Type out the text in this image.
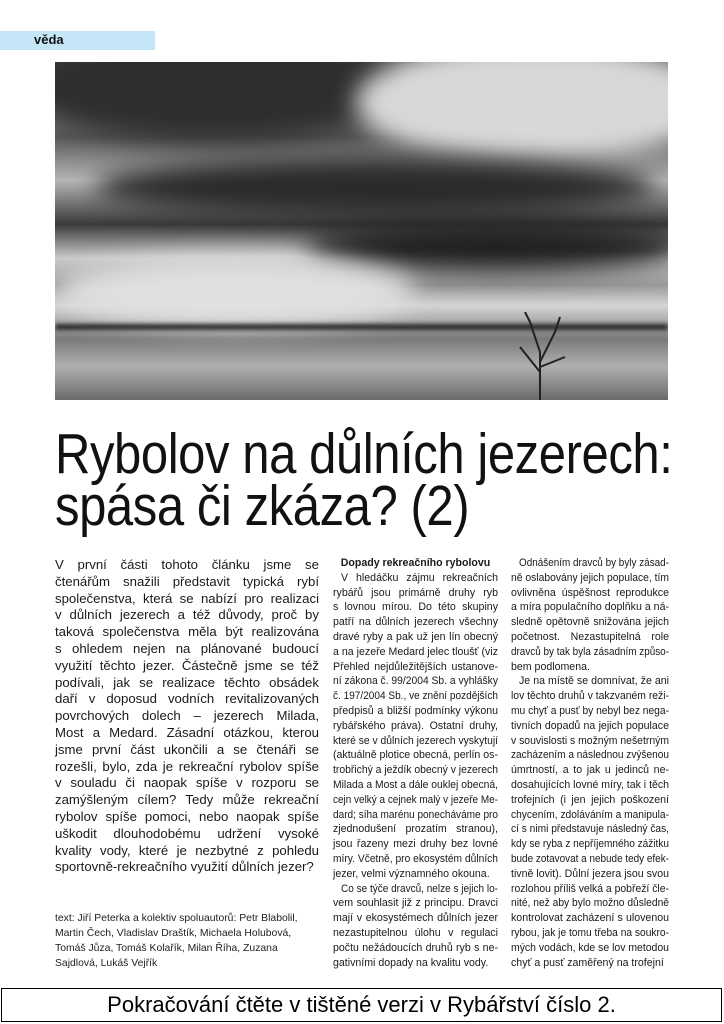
věda
Rybolov na důlních jezerech:
spása či zkáza? (2)
V první části tohoto článku jsme se
čtenářům snažili představit typická rybí
společenstva, která se nabízí pro realizaci
v důlních jezerech a též důvody, proč by
taková společenstva měla být realizována
s ohledem nejen na plánované budoucí
využití těchto jezer. Částečně jsme se též
podívali, jak se realizace těchto obsádek
daří v doposud vodních revitalizovaných
povrchových dolech – jezerech Milada,
Most a Medard. Zásadní otázkou, kterou
jsme první část ukončili a se čtenáři se
rozešli, bylo, zda je rekreační rybolov spíše
v souladu či naopak spíše v rozporu se
zamýšleným cílem? Tedy může rekreační
rybolov spíše pomoci, nebo naopak spíše
uškodit dlouhodobému udržení vysoké
kvality vody, které je nezbytné z pohledu
sportovně-rekreačního využití důlních jezer?
Dopady rekreačního rybolovu
V hledáčku zájmu rekreačních
rybářů jsou primárně druhy ryb
s lovnou mírou. Do této skupiny
patří na důlních jezerech všechny
dravé ryby a pak už jen lín obecný
a na jezeře Medard jelec tloušť (viz
Přehled nejdůležitějších ustanove-
ní zákona č. 99/2004 Sb. a vyhlášky
č. 197/2004 Sb., ve znění pozdějších
předpisů a bližší podmínky výkonu
rybářského práva). Ostatní druhy,
které se v důlních jezerech vyskytují
(aktuálně plotice obecná, perlín os-
trobřichý a ježdík obecný v jezerech
Milada a Most a dále ouklej obecná,
cejn velký a cejnek malý v jezeře Me-
dard; síha marénu ponecháváme pro
zjednodušení prozatím stranou),
jsou řazeny mezi druhy bez lovné
míry. Včetně, pro ekosystém důlních
jezer, velmi významného okouna.
Co se týče dravců, nelze s jejich lo-
vem souhlasit již z principu. Dravci
mají v ekosystémech důlních jezer
nezastupitelnou úlohu v regulaci
počtu nežádoucích druhů ryb s ne-
gativními dopady na kvalitu vody.
Odnášením dravců by byly zásad-
ně oslabovány jejich populace, tím
ovlivněna úspěšnost reprodukce
a míra populačního doplňku a ná-
sledně opětovně snižována jejich
početnost. Nezastupitelná role
dravců by tak byla zásadním způso-
bem podlomena.
Je na místě se domnívat, že ani
lov těchto druhů v takzvaném reži-
mu chyť a pusť by nebyl bez nega-
tivních dopadů na jejich populace
v souvislosti s možným nešetrným
zacházením a následnou zvýšenou
úmrtností, a to jak u jedinců ne-
dosahujících lovné míry, tak i těch
trofejních (i jen jejich poškození
chycením, zdoláváním a manipula-
cí s nimi představuje následný čas,
kdy se ryba z nepříjemného zážitku
bude zotavovat a nebude tedy efek-
tivně lovit). Důlní jezera jsou svou
rozlohou příliš velká a pobřeží čle-
nité, než aby bylo možno důsledně
kontrolovat zacházení s ulovenou
rybou, jak je tomu třeba na soukro-
mých vodách, kde se lov metodou
chyť a pusť zaměřený na trofejní
text: Jiří Peterka a kolektiv spoluautorů: Petr Blabolil, Martin Čech, Vladislav Draštík, Michaela Holubová, Tomáš Jůza, Tomáš Kolařík, Milan Říha, Zuzana Sajdlová, Lukáš Vejřík
Pokračování čtěte v tištěné verzi v Rybářství číslo 2.
